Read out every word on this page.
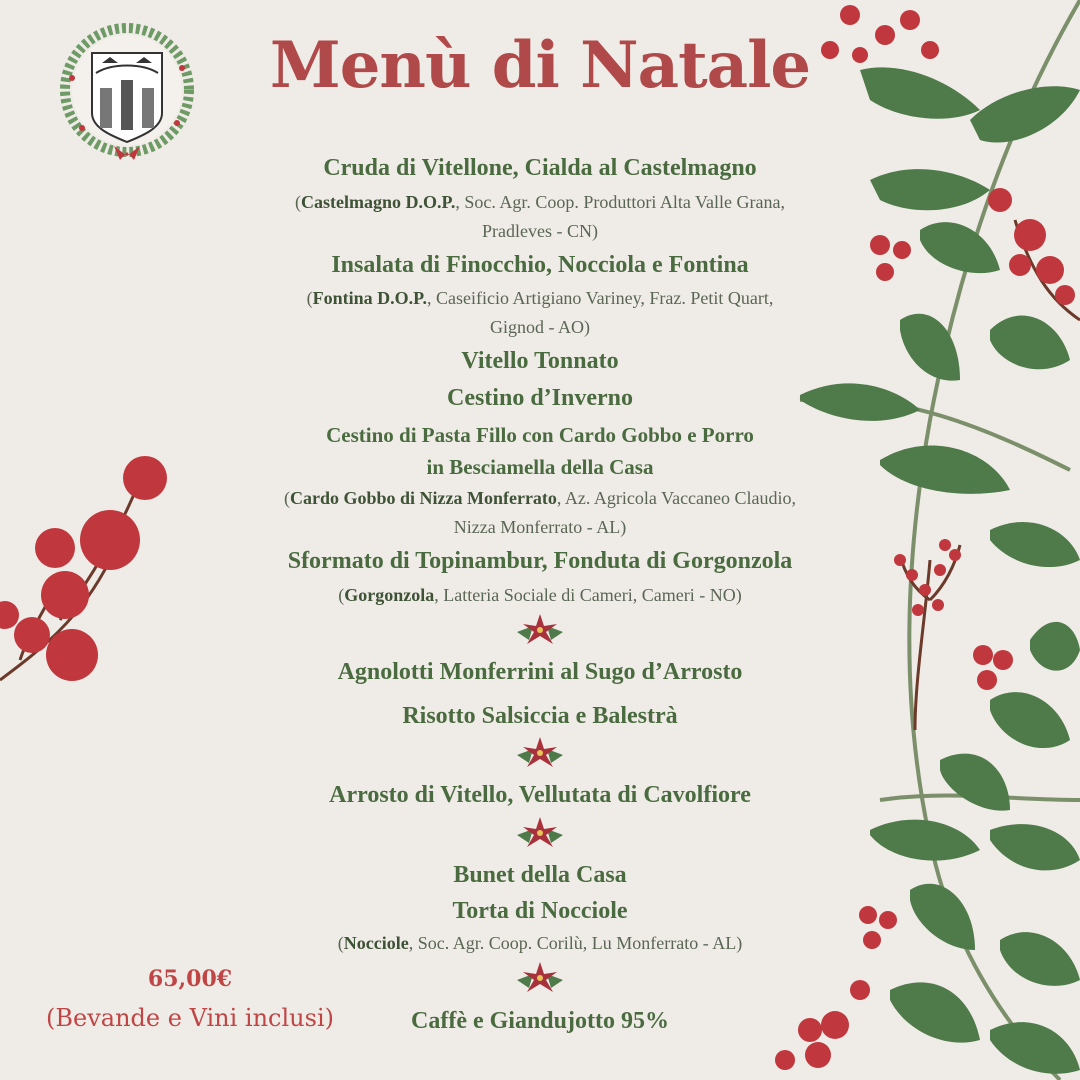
Menù di Natale
Cruda di Vitellone, Cialda al Castelmagno
(Castelmagno D.O.P., Soc. Agr. Coop. Produttori Alta Valle Grana,
Pradleves - CN)
Insalata di Finocchio, Nocciola e Fontina
(Fontina D.O.P., Caseificio Artigiano Variney, Fraz. Petit Quart,
Gignod - AO)
Vitello Tonnato
Cestino d’Inverno
Cestino di Pasta Fillo con Cardo Gobbo e Porro
in Besciamella della Casa
(Cardo Gobbo di Nizza Monferrato, Az. Agricola Vaccaneo Claudio,
Nizza Monferrato - AL)
Sformato di Topinambur, Fonduta di Gorgonzola
(Gorgonzola, Latteria Sociale di Cameri, Cameri - NO)
Agnolotti Monferrini al Sugo d’Arrosto
Risotto Salsiccia e Balestrà
Arrosto di Vitello, Vellutata di Cavolfiore
Bunet della Casa
Torta di Nocciole
(Nocciole, Soc. Agr. Coop. Corilù, Lu Monferrato - AL)
Caffè e Giandujotto 95%
65,00€
(Bevande e Vini inclusi)
